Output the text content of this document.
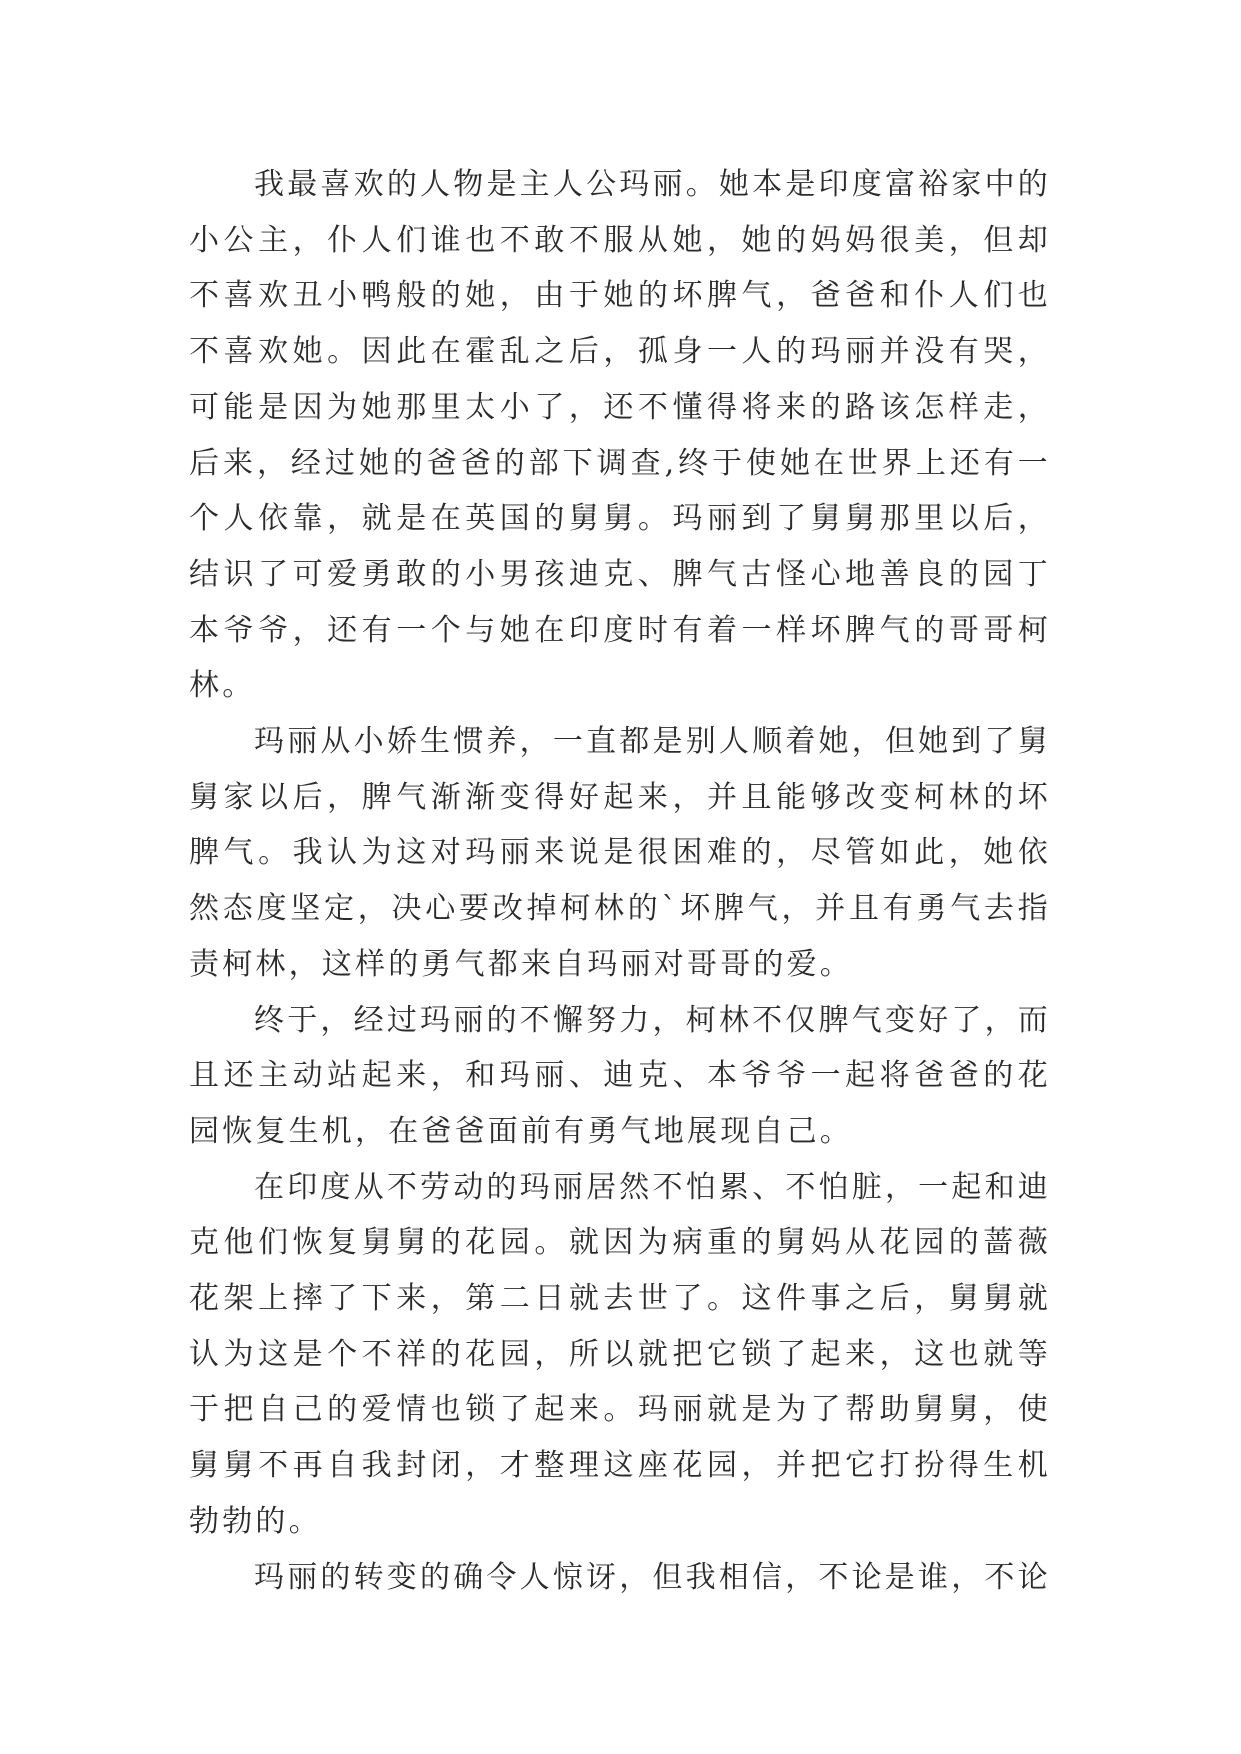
我最喜欢的人物是主人公玛丽。她本是印度富裕家中的小公主，仆人们谁也不敢不服从她，她的妈妈很美，但却不喜欢丑小鸭般的她，由于她的坏脾气，爸爸和仆人们也不喜欢她。因此在霍乱之后，孤身一人的玛丽并没有哭，可能是因为她那里太小了，还不懂得将来的路该怎样走，后来，经过她的爸爸的部下调查,终于使她在世界上还有一个人依靠，就是在英国的舅舅。玛丽到了舅舅那里以后，结识了可爱勇敢的小男孩迪克、脾气古怪心地善良的园丁本爷爷，还有一个与她在印度时有着一样坏脾气的哥哥柯林。

玛丽从小娇生惯养，一直都是别人顺着她，但她到了舅舅家以后，脾气渐渐变得好起来，并且能够改变柯林的坏脾气。我认为这对玛丽来说是很困难的，尽管如此，她依然态度坚定，决心要改掉柯林的`坏脾气，并且有勇气去指责柯林，这样的勇气都来自玛丽对哥哥的爱。

终于，经过玛丽的不懈努力，柯林不仅脾气变好了，而且还主动站起来，和玛丽、迪克、本爷爷一起将爸爸的花园恢复生机，在爸爸面前有勇气地展现自己。

在印度从不劳动的玛丽居然不怕累、不怕脏，一起和迪克他们恢复舅舅的花园。就因为病重的舅妈从花园的蔷薇花架上摔了下来，第二日就去世了。这件事之后，舅舅就认为这是个不祥的花园，所以就把它锁了起来，这也就等于把自己的爱情也锁了起来。玛丽就是为了帮助舅舅，使舅舅不再自我封闭，才整理这座花园，并把它打扮得生机勃勃的。

玛丽的转变的确令人惊讶，但我相信，不论是谁，不论
